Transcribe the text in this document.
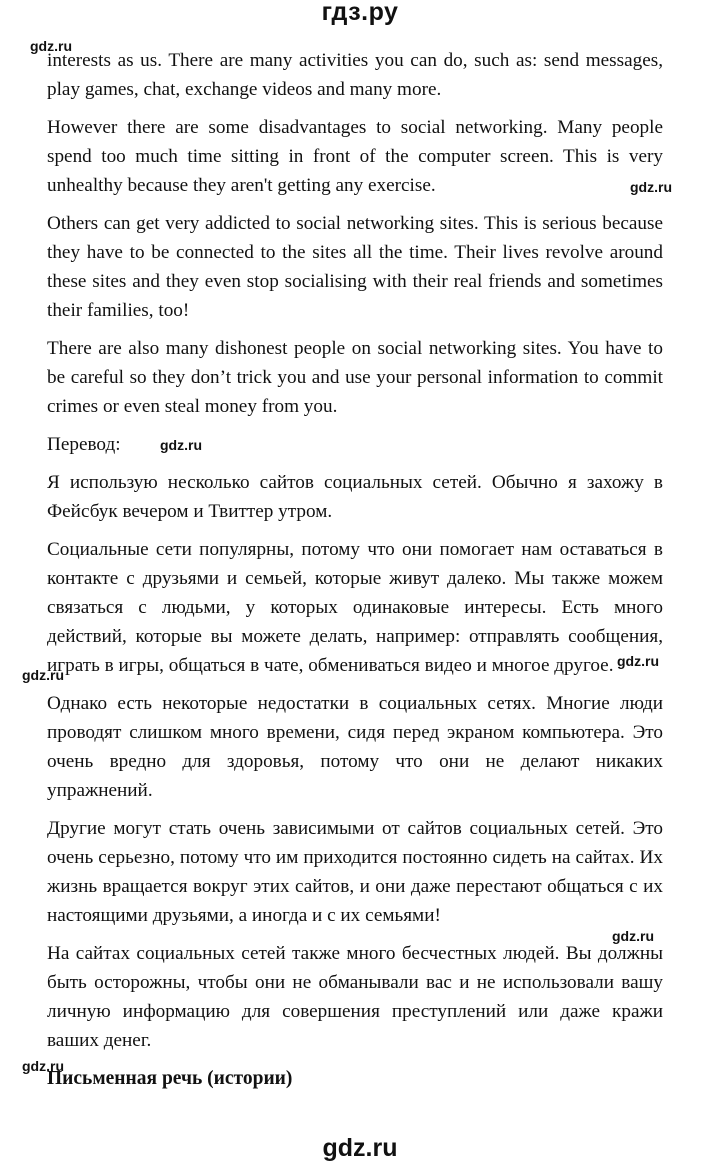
гдз.ру
gdz.ru
gdz.ru
gdz.ru
gdz.ru
gdz.ru
gdz.ru
gdz.ru

interests as us. There are many activities you can do, such as: send messages, play games, chat, exchange videos and many more.

However there are some disadvantages to social networking. Many people spend too much time sitting in front of the computer screen. This is very unhealthy because they aren't getting any exercise.

Others can get very addicted to social networking sites. This is serious because they have to be connected to the sites all the time. Their lives revolve around these sites and they even stop socialising with their real friends and sometimes their families, too!

There are also many dishonest people on social networking sites. You have to be careful so they don’t trick you and use your personal information to commit crimes or even steal money from you.

Перевод:

Я использую несколько сайтов социальных сетей. Обычно я захожу в Фейсбук вечером и Твиттер утром.

Социальные сети популярны, потому что они помогает нам оставаться в контакте с друзьями и семьей, которые живут далеко. Мы также можем связаться с людьми, у которых одинаковые интересы. Есть много действий, которые вы можете делать, например: отправлять сообщения, играть в игры, общаться в чате, обмениваться видео и многое другое.

Однако есть некоторые недостатки в социальных сетях. Многие люди проводят слишком много времени, сидя перед экраном компьютера. Это очень вредно для здоровья, потому что они не делают никаких упражнений.

Другие могут стать очень зависимыми от сайтов социальных сетей. Это очень серьезно, потому что им приходится постоянно сидеть на сайтах. Их жизнь вращается вокруг этих сайтов, и они даже перестают общаться с их настоящими друзьями, а иногда и с их семьями!

На сайтах социальных сетей также много бесчестных людей. Вы должны быть осторожны, чтобы они не обманывали вас и не использовали вашу личную информацию для совершения преступлений или даже кражи ваших денег.

Письменная речь (истории)
gdz.ru
